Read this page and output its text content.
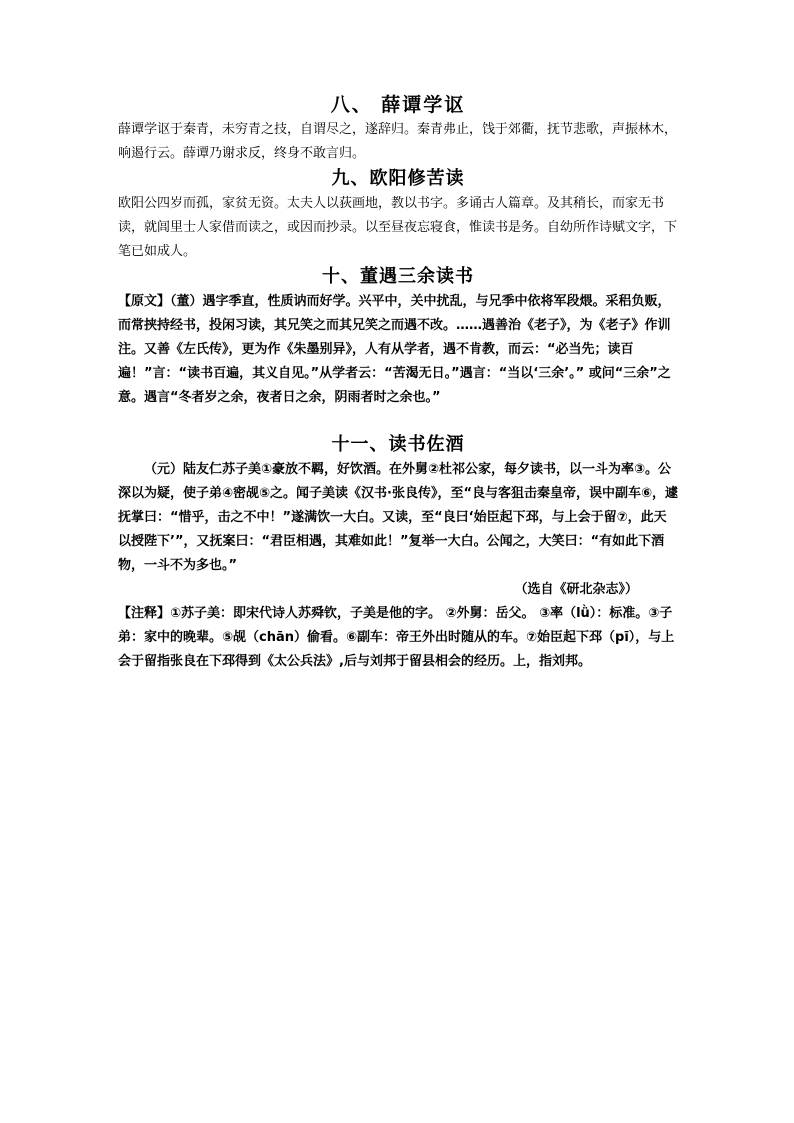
八、 薛谭学讴

薛谭学讴于秦青，未穷青之技，自谓尽之，遂辞归。秦青弗止，饯于郊衢，抚节悲歌，声振林木，响遏行云。薛谭乃谢求反，终身不敢言归。

九、欧阳修苦读

欧阳公四岁而孤，家贫无资。太夫人以荻画地，教以书字。多诵古人篇章。及其稍长，而家无书读，就闾里士人家借而读之，或因而抄录。以至昼夜忘寝食，惟读书是务。自幼所作诗赋文字，下笔已如成人。

十、董遇三余读书

【原文】（董）遇字季直，性质讷而好学。兴平中，关中扰乱，与兄季中依将军段煨。采稆负贩，而常挟持经书，投闲习读，其兄笑之而其兄笑之而遇不改。……遇善治《老子》，为《老子》作训注。又善《左氏传》，更为作《朱墨别异》，人有从学者，遇不肯教，而云：“必当先；读百遍！”言：“读书百遍，其义自见。”从学者云：“苦渴无日。”遇言：“当以‘三余’。” 或问“三余”之意。遇言“冬者岁之余，夜者日之余，阴雨者时之余也。”

十一、读书佐酒

（元）陆友仁苏子美①豪放不羁，好饮酒。在外舅②杜祁公家，每夕读书，以一斗为率③。公深以为疑，使子弟④密觇⑤之。闻子美读《汉书·张良传》，至“良与客狙击秦皇帝，误中副车⑥，遽抚掌曰：“惜乎，击之不中！”遂满饮一大白。又读，至“良曰‘始臣起下邳，与上会于留⑦，此天以授陛下’”，又抚案曰：“君臣相遇，其难如此！”复举一大白。公闻之，大笑曰：“有如此下酒物，一斗不为多也。”

（选自《研北杂志》）

【注释】①苏子美：即宋代诗人苏舜钦，子美是他的字。 ②外舅：岳父。 ③率（lǜ）：标准。③子弟：家中的晚辈。⑤觇（chān）偷看。⑥副车：帝王外出时随从的车。⑦始臣起下邳（pī），与上会于留指张良在下邳得到《太公兵法》,后与刘邦于留县相会的经历。上，指刘邦。
